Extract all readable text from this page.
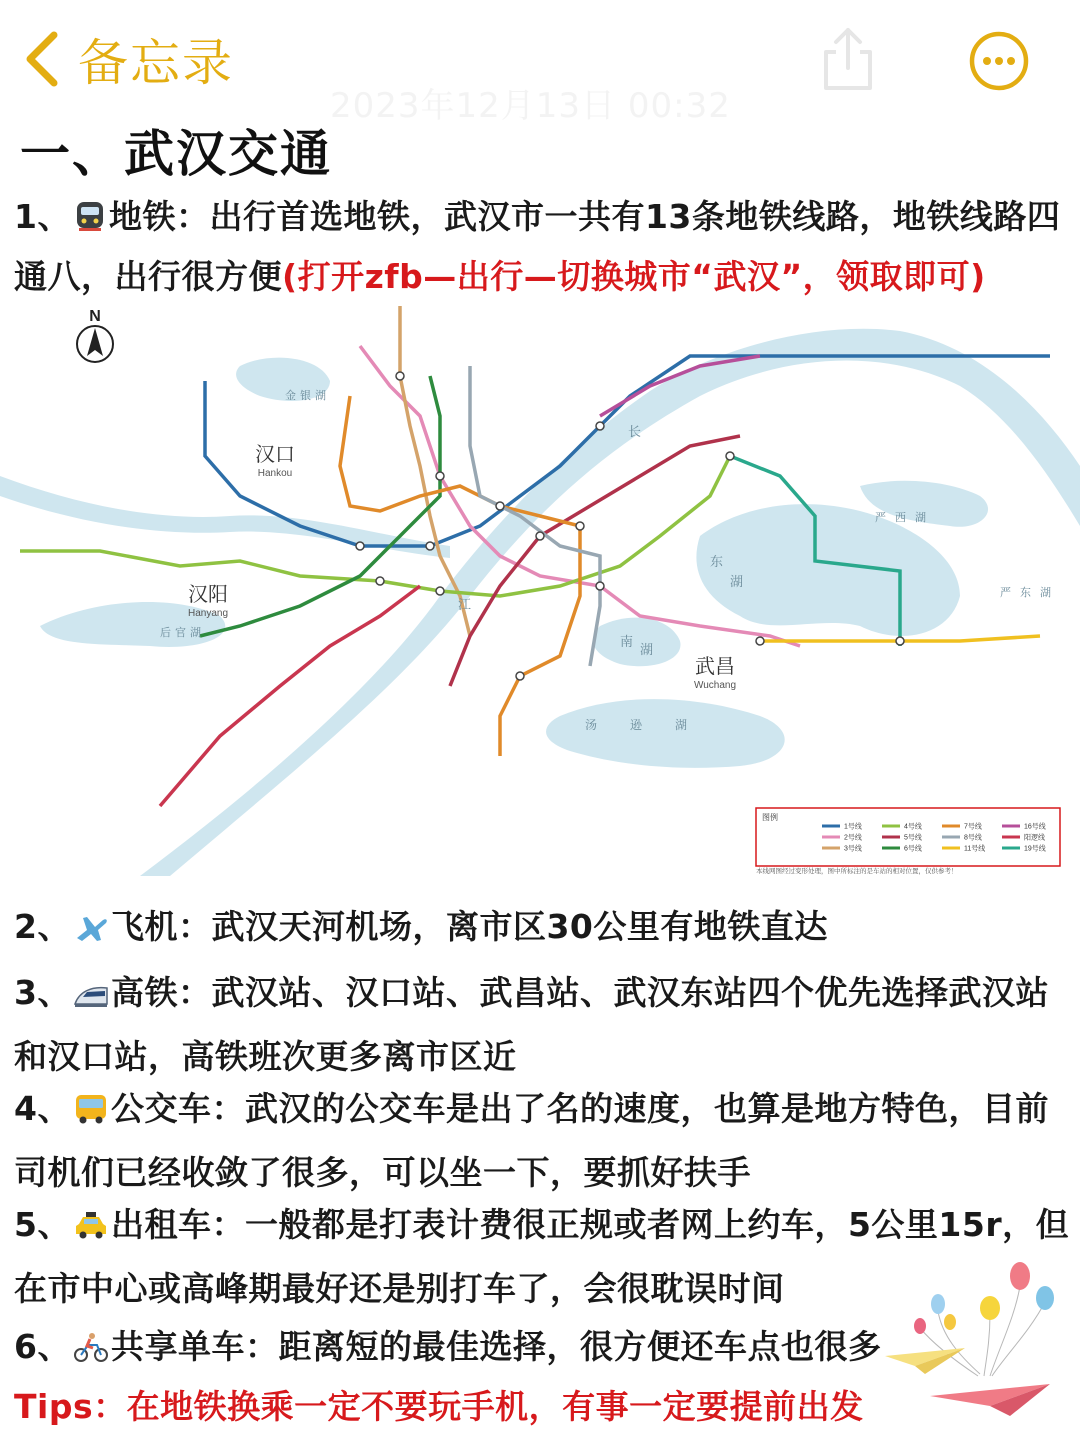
备忘录
2023年12月13日 00:32
一、武汉交通
1、 地铁：出行首选地铁，武汉市一共有13条地铁线路，地铁线路四通八，出行很方便(打开zfb—出行—切换城市“武汉”，领取即可)
N
汉口
Hankou
汉阳
Hanyang
武昌
Wuchang
长
江
东
湖
南
湖
汤	逊	湖
严 西 湖
严 东 湖
后 官 湖
金 银 湖
图例
1号线
2号线
3号线
4号线
5号线
6号线
7号线
8号线
11号线
16号线
阳逻线
19号线
本线网图经过变形处理，图中所标注的是车站的相对位置，仅供参考！
2、 飞机：武汉天河机场，离市区30公里有地铁直达
3、 高铁：武汉站、汉口站、武昌站、武汉东站四个优先选择武汉站和汉口站，高铁班次更多离市区近
4、 公交车：武汉的公交车是出了名的速度，也算是地方特色，目前司机们已经收敛了很多，可以坐一下，要抓好扶手
5、 出租车：一般都是打表计费很正规或者网上约车，5公里15r，但在市中心或高峰期最好还是别打车了，会很耽误时间
6、 共享单车：距离短的最佳选择，很方便还车点也很多
Tips：在地铁换乘一定不要玩手机，有事一定要提前出发
